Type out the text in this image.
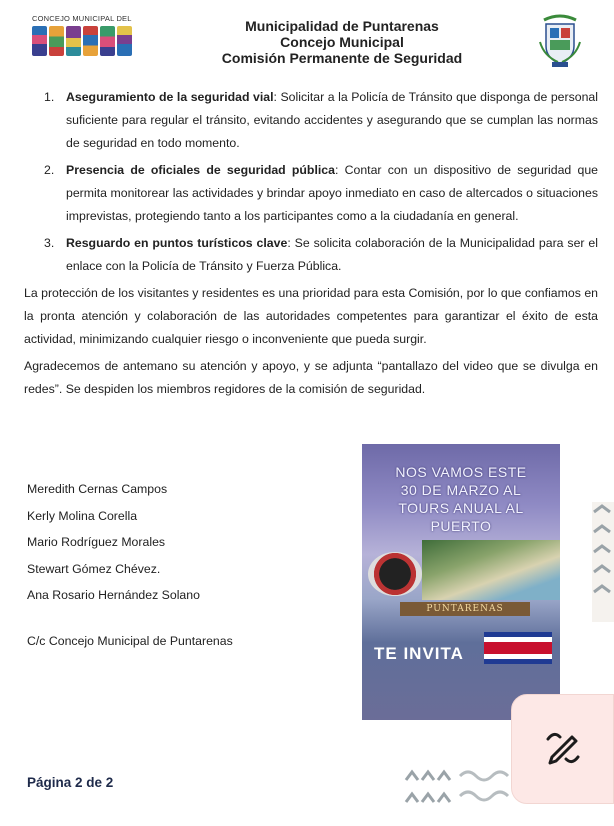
CONCEJO MUNICIPAL DEL	Municipalidad de Puntarenas
Concejo Municipal
Comisión Permanente de Seguridad
1. Aseguramiento de la seguridad vial: Solicitar a la Policía de Tránsito que disponga de personal suficiente para regular el tránsito, evitando accidentes y asegurando que se cumplan las normas de seguridad en todo momento.
2. Presencia de oficiales de seguridad pública: Contar con un dispositivo de seguridad que permita monitorear las actividades y brindar apoyo inmediato en caso de altercados o situaciones imprevistas, protegiendo tanto a los participantes como a la ciudadanía en general.
3. Resguardo en puntos turísticos clave: Se solicita colaboración de la Municipalidad para ser el enlace con la Policía de Tránsito y Fuerza Pública.

La protección de los visitantes y residentes es una prioridad para esta Comisión, por lo que confiamos en la pronta atención y colaboración de las autoridades competentes para garantizar el éxito de esta actividad, minimizando cualquier riesgo o inconveniente que pueda surgir.

Agradecemos de antemano su atención y apoyo, y se adjunta “pantallazo del video que se divulga en redes”. Se despiden los miembros regidores de la comisión de seguridad.

Meredith Cernas Campos
Kerly Molina Corella
Mario Rodríguez Morales
Stewart Gómez Chévez.
Ana Rosario Hernández Solano
C/c Concejo Municipal de Puntarenas
NOS VAMOS ESTE
30 DE MARZO AL
TOURS ANUAL AL
PUERTO
PUNTARENAS
TE INVITA
Página 2 de 2
